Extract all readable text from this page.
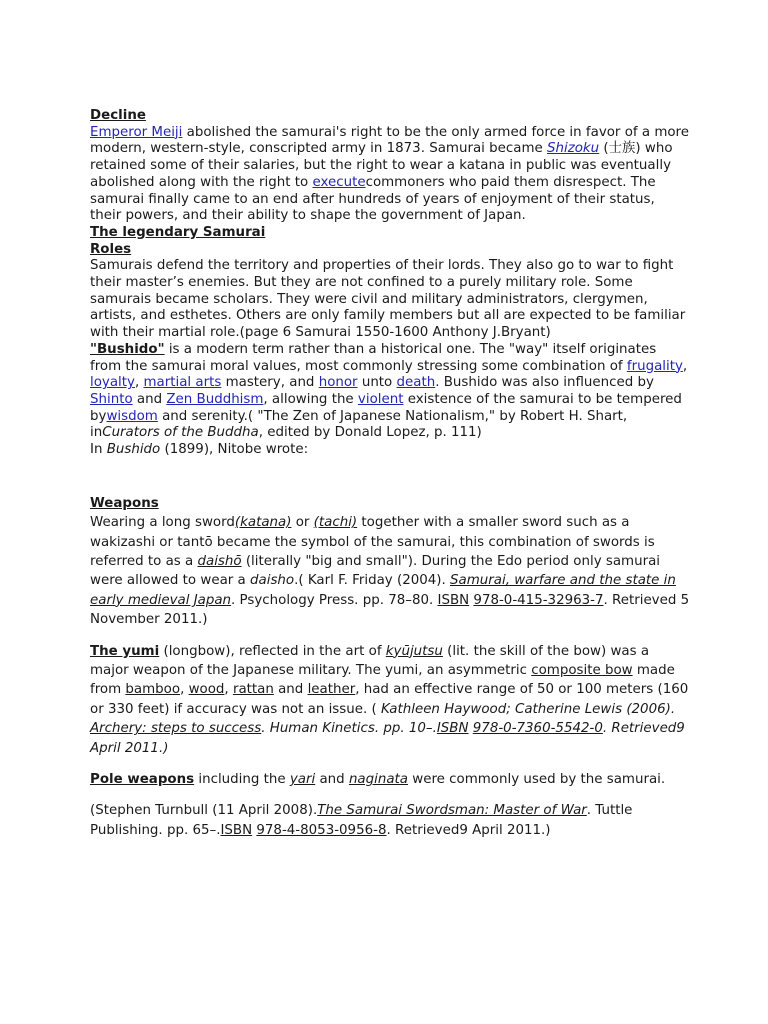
Decline

Emperor Meiji abolished the samurai's right to be the only armed force in favor of a more modern, western-style, conscripted army in 1873. Samurai became Shizoku (士族) who retained some of their salaries, but the right to wear a katana in public was eventually abolished along with the right to executecommoners who paid them disrespect. The samurai finally came to an end after hundreds of years of enjoyment of their status, their powers, and their ability to shape the government of Japan.

The legendary Samurai
Roles

Samurais defend the territory and properties of their lords. They also go to war to fight their master’s enemies. But they are not confined to a purely military role. Some samurais became scholars. They were civil and military administrators, clergymen, artists, and esthetes. Others are only family members but all are expected to be familiar with their martial role.(page 6 Samurai 1550-1600 Anthony J.Bryant)

"Bushido" is a modern term rather than a historical one. The "way" itself originates from the samurai moral values, most commonly stressing some combination of frugality, loyalty, martial arts mastery, and honor unto death. Bushido was also influenced by Shinto and Zen Buddhism, allowing the violent existence of the samurai to be tempered bywisdom and serenity.( "The Zen of Japanese Nationalism," by Robert H. Shart, inCurators of the Buddha, edited by Donald Lopez, p. 111)

In Bushido (1899), Nitobe wrote:

Weapons

Wearing a long sword(katana) or (tachi) together with a smaller sword such as a wakizashi or tantō became the symbol of the samurai, this combination of swords is referred to as a daishō (literally "big and small"). During the Edo period only samurai were allowed to wear a daisho.( Karl F. Friday (2004). Samurai, warfare and the state in early medieval Japan. Psychology Press. pp. 78–80. ISBN 978-0-415-32963-7. Retrieved 5 November 2011.)

The yumi (longbow), reflected in the art of kyūjutsu (lit. the skill of the bow) was a major weapon of the Japanese military. The yumi, an asymmetric composite bow made from bamboo, wood, rattan and leather, had an effective range of 50 or 100 meters (160 or 330 feet) if accuracy was not an issue. ( Kathleen Haywood; Catherine Lewis (2006). Archery: steps to success. Human Kinetics. pp. 10–.ISBN 978-0-7360-5542-0. Retrieved9 April 2011.)

Pole weapons including the yari and naginata were commonly used by the samurai.

(Stephen Turnbull (11 April 2008).The Samurai Swordsman: Master of War. Tuttle Publishing. pp. 65–.ISBN 978-4-8053-0956-8. Retrieved9 April 2011.)
